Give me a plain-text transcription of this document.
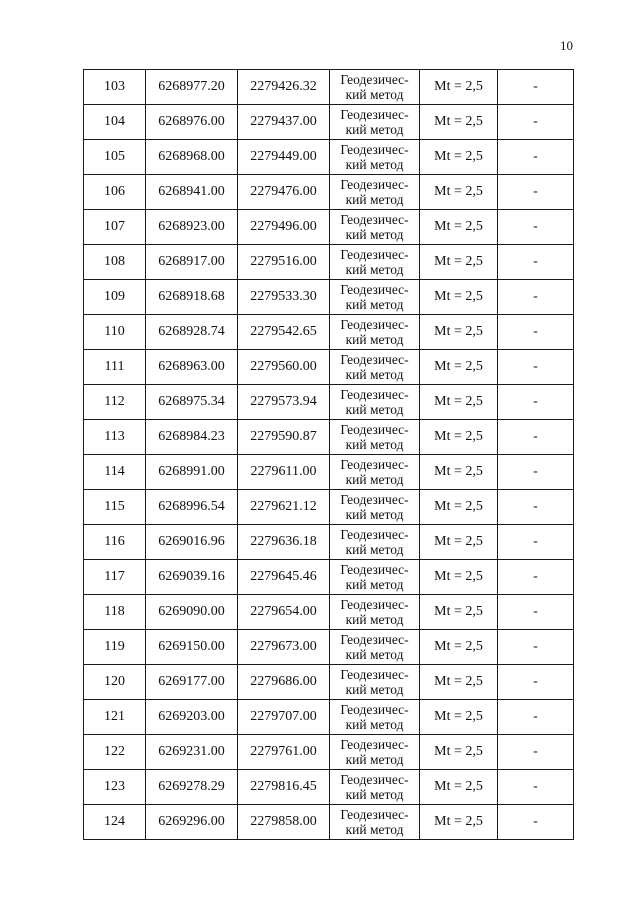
10
103	6268977.20	2279426.32	Геодезичес-
кий метод	Mt = 2,5	-
104	6268976.00	2279437.00	Геодезичес-
кий метод	Mt = 2,5	-
105	6268968.00	2279449.00	Геодезичес-
кий метод	Mt = 2,5	-
106	6268941.00	2279476.00	Геодезичес-
кий метод	Mt = 2,5	-
107	6268923.00	2279496.00	Геодезичес-
кий метод	Mt = 2,5	-
108	6268917.00	2279516.00	Геодезичес-
кий метод	Mt = 2,5	-
109	6268918.68	2279533.30	Геодезичес-
кий метод	Mt = 2,5	-
110	6268928.74	2279542.65	Геодезичес-
кий метод	Mt = 2,5	-
111	6268963.00	2279560.00	Геодезичес-
кий метод	Mt = 2,5	-
112	6268975.34	2279573.94	Геодезичес-
кий метод	Mt = 2,5	-
113	6268984.23	2279590.87	Геодезичес-
кий метод	Mt = 2,5	-
114	6268991.00	2279611.00	Геодезичес-
кий метод	Mt = 2,5	-
115	6268996.54	2279621.12	Геодезичес-
кий метод	Mt = 2,5	-
116	6269016.96	2279636.18	Геодезичес-
кий метод	Mt = 2,5	-
117	6269039.16	2279645.46	Геодезичес-
кий метод	Mt = 2,5	-
118	6269090.00	2279654.00	Геодезичес-
кий метод	Mt = 2,5	-
119	6269150.00	2279673.00	Геодезичес-
кий метод	Mt = 2,5	-
120	6269177.00	2279686.00	Геодезичес-
кий метод	Mt = 2,5	-
121	6269203.00	2279707.00	Геодезичес-
кий метод	Mt = 2,5	-
122	6269231.00	2279761.00	Геодезичес-
кий метод	Mt = 2,5	-
123	6269278.29	2279816.45	Геодезичес-
кий метод	Mt = 2,5	-
124	6269296.00	2279858.00	Геодезичес-
кий метод	Mt = 2,5	-
